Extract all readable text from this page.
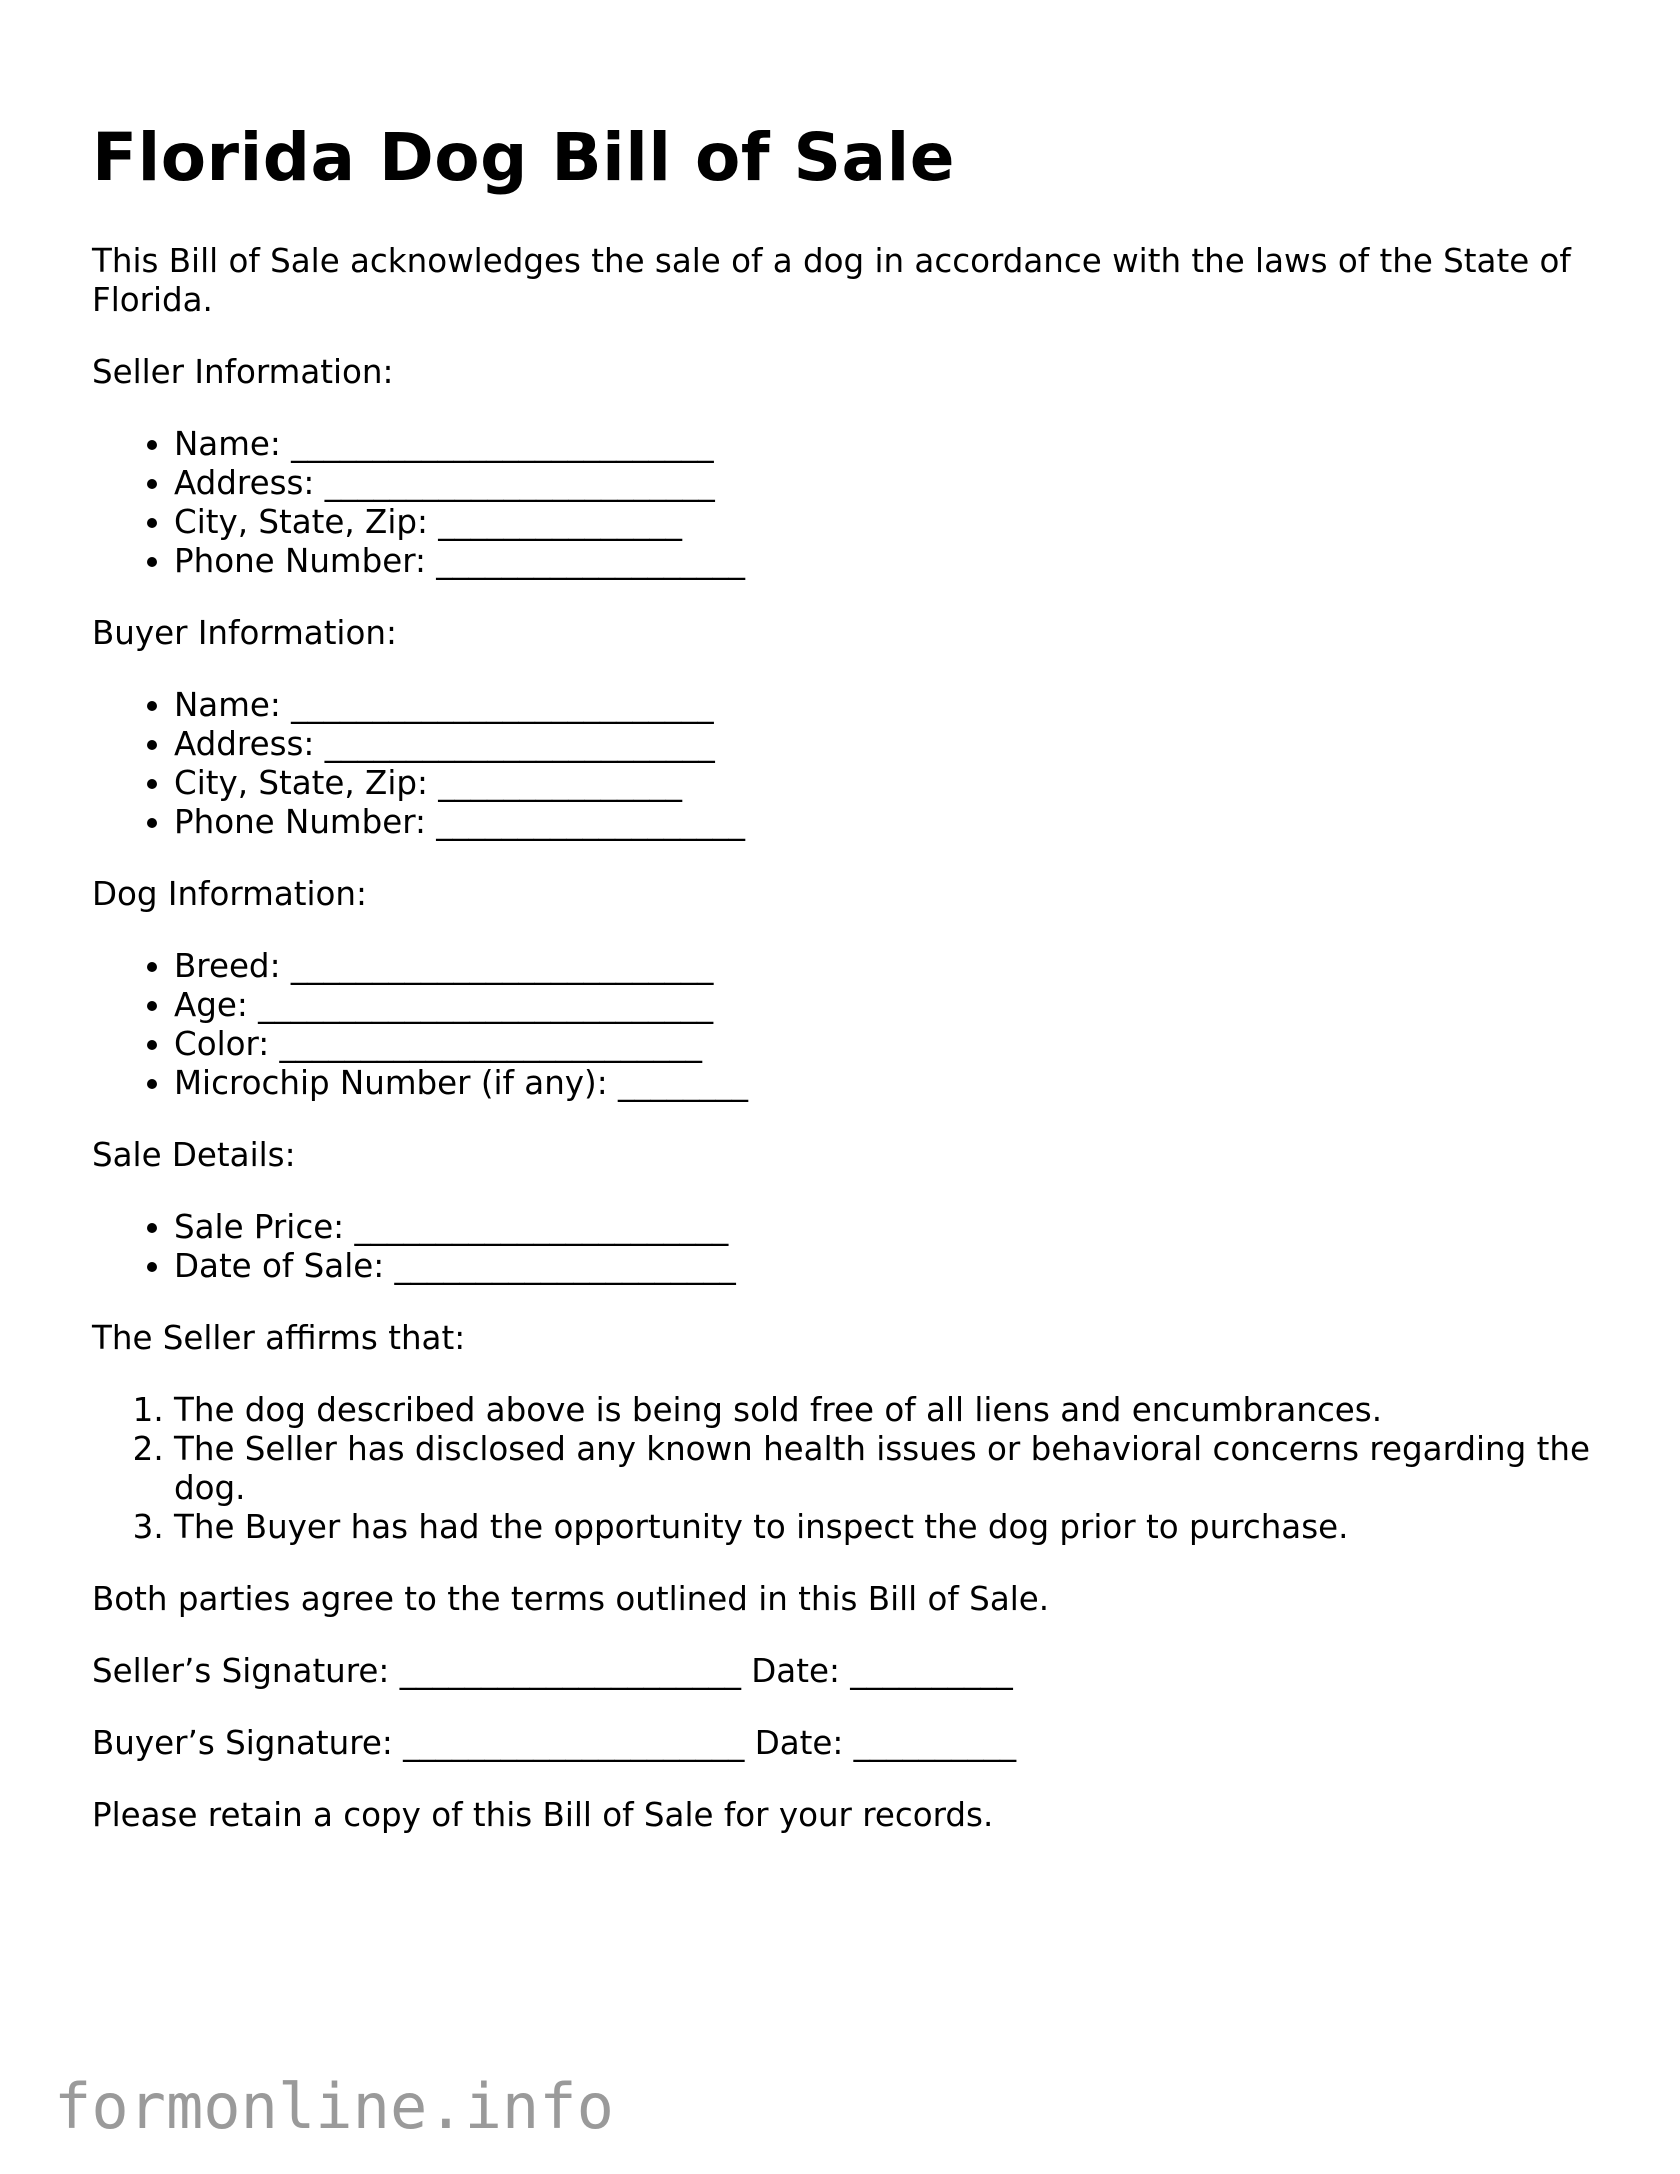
Florida Dog Bill of Sale

This Bill of Sale acknowledges the sale of a dog in accordance with the laws of the State of Florida.

Seller Information:

• Name: __________________________
• Address: ________________________
• City, State, Zip: _______________
• Phone Number: ___________________

Buyer Information:

• Name: __________________________
• Address: ________________________
• City, State, Zip: _______________
• Phone Number: ___________________

Dog Information:

• Breed: __________________________
• Age: ____________________________
• Color: __________________________
• Microchip Number (if any): ________

Sale Details:

• Sale Price: _______________________
• Date of Sale: _____________________

The Seller affirms that:

1. The dog described above is being sold free of all liens and encumbrances.
2. The Seller has disclosed any known health issues or behavioral concerns regarding the dog.
3. The Buyer has had the opportunity to inspect the dog prior to purchase.

Both parties agree to the terms outlined in this Bill of Sale.

Seller’s Signature: _____________________ Date: __________

Buyer’s Signature: _____________________ Date: __________

Please retain a copy of this Bill of Sale for your records.

formonline.info
